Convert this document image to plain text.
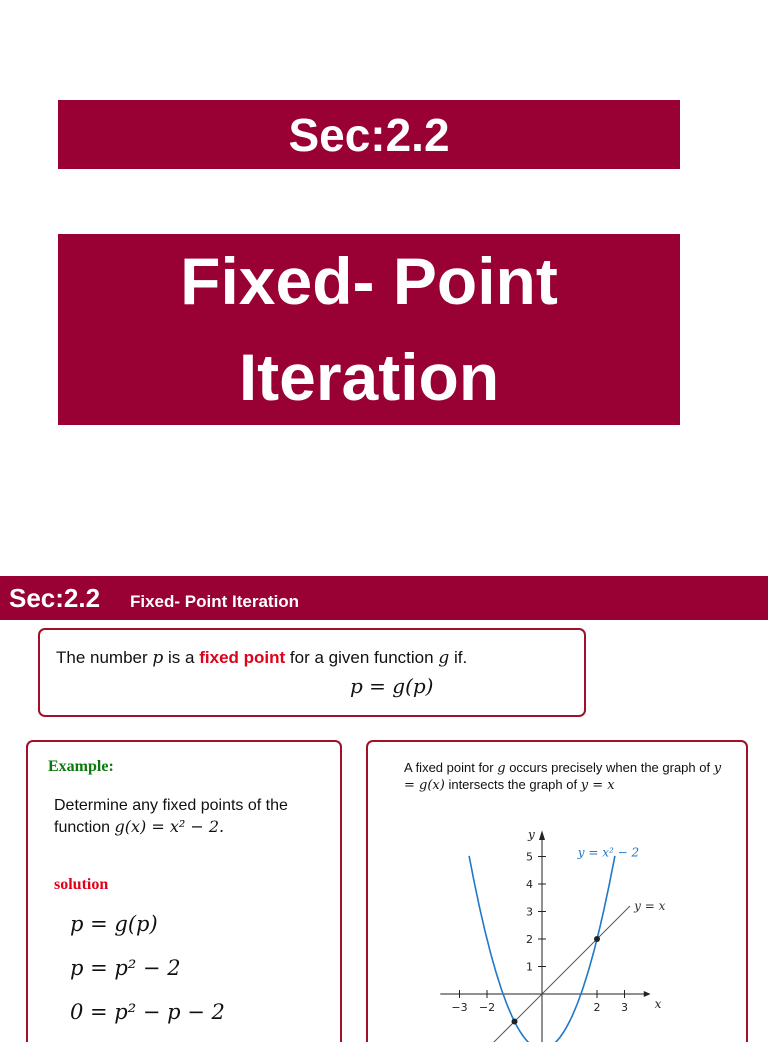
Sec:2.2
Fixed- Point
Iteration
Sec:2.2 Fixed- Point Iteration
The number p is a fixed point for a given function g if.
p = g(p)
Example:
Determine any fixed points of the function g(x) = x² − 2.
solution
p = g(p)
p = p² − 2
0 = p² − p − 2
A fixed point for g occurs precisely when the graph of y = g(x) intersects the graph of y = x
y
x
1
2
3
4
5
−3 −2	2 3
y = x
y = x² − 2
